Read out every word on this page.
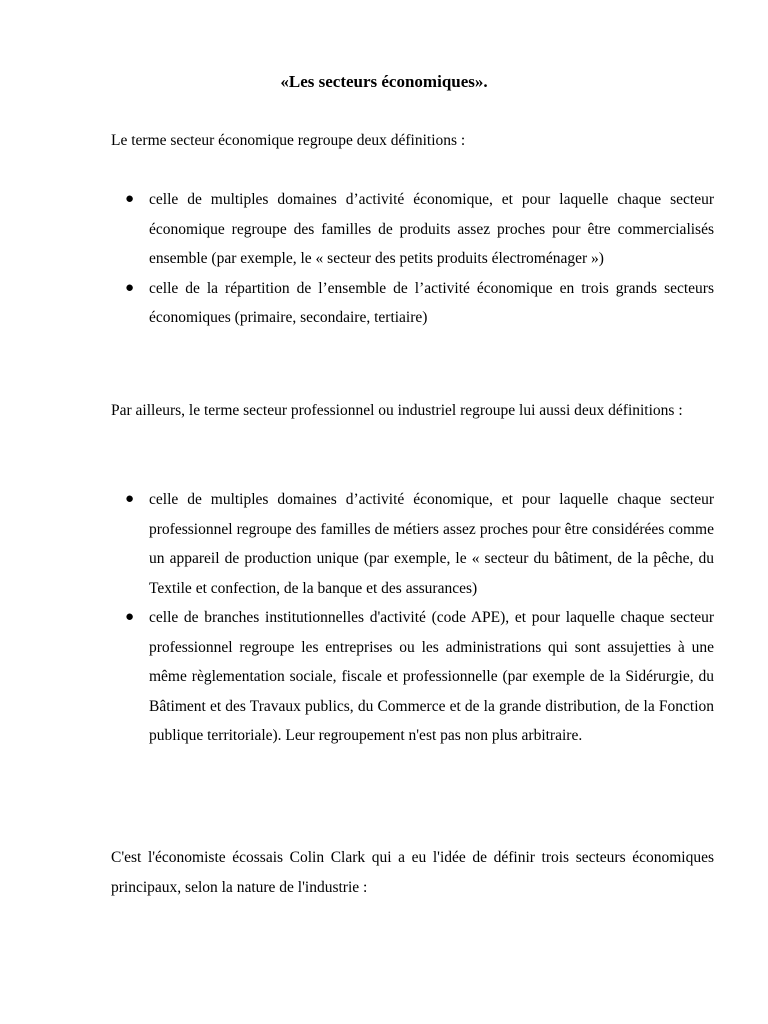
«Les secteurs économiques».

Le terme secteur économique regroupe deux définitions :

● celle de multiples domaines d’activité économique, et pour laquelle chaque secteur économique regroupe des familles de produits assez proches pour être commercialisés ensemble (par exemple, le « secteur des petits produits électroménager »)
● celle de la répartition de l’ensemble de l’activité économique en trois grands secteurs économiques (primaire, secondaire, tertiaire)

Par ailleurs, le terme secteur professionnel ou industriel regroupe lui aussi deux définitions :

● celle de multiples domaines d’activité économique, et pour laquelle chaque secteur professionnel regroupe des familles de métiers assez proches pour être considérées comme un appareil de production unique (par exemple, le « secteur du bâtiment, de la pêche, du Textile et confection, de la banque et des assurances)
● celle de branches institutionnelles d'activité (code APE), et pour laquelle chaque secteur professionnel regroupe les entreprises ou les administrations qui sont assujetties à une même règlementation sociale, fiscale et professionnelle (par exemple de la Sidérurgie, du Bâtiment et des Travaux publics, du Commerce et de la grande distribution, de la Fonction publique territoriale). Leur regroupement n'est pas non plus arbitraire.

C'est l'économiste écossais Colin Clark qui a eu l'idée de définir trois secteurs économiques principaux, selon la nature de l'industrie :
